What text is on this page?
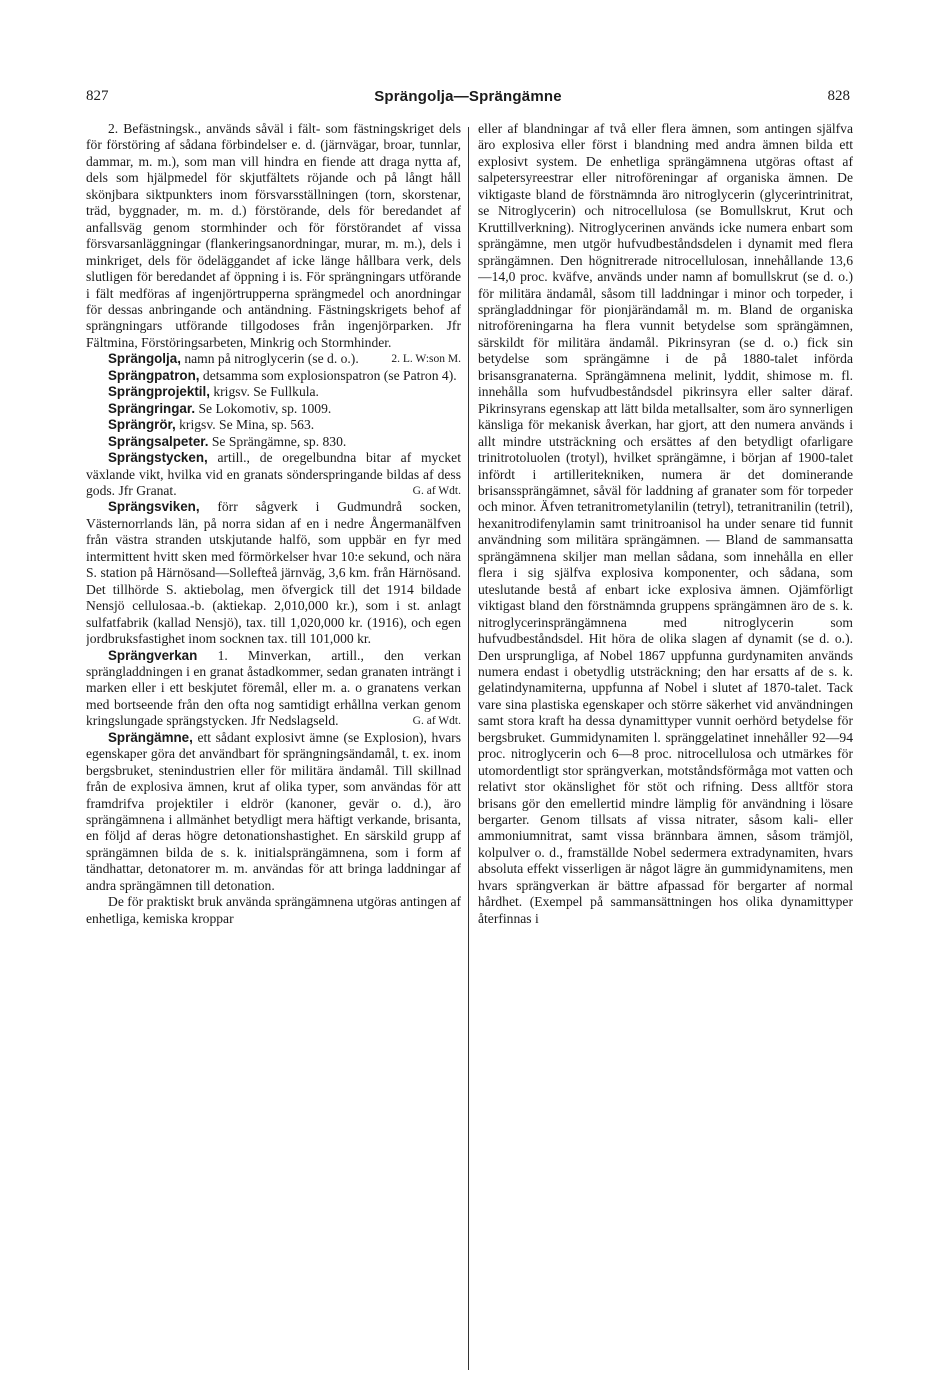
827	Sprängolja—Sprängämne	828

2. Befästningsk., används såväl i fält- som fästningskriget dels för förstöring af sådana förbindelser e. d. (järnvägar, broar, tunnlar, dammar, m. m.), som man vill hindra en fiende att draga nytta af, dels som hjälpmedel för skjutfältets röjande och på långt håll skönjbara siktpunkters inom försvarsställningen (torn, skorstenar, träd, byggnader, m. m. d.) förstörande, dels för beredandet af anfallsväg genom stormhinder och för förstörandet af vissa försvarsanläggningar (flankeringsanordningar, murar, m. m.), dels i minkriget, dels för ödeläggandet af icke länge hållbara verk, dels slutligen för beredandet af öppning i is. För sprängningars utförande i fält medföras af ingenjörtrupperna sprängmedel och anordningar för dessas anbringande och antändning. Fästningskrigets behof af sprängningars utförande tillgodoses från ingenjörparken. Jfr Fältmina, Förstöringsarbeten, Minkrig och Stormhinder.
2. L. W:son M.

Sprängolja, namn på nitroglycerin (se d. o.).

Sprängpatron, detsamma som explosionspatron (se Patron 4).

Sprängprojektil, krigsv. Se Fullkula.

Sprängringar. Se Lokomotiv, sp. 1009.

Sprängrör, krigsv. Se Mina, sp. 563.

Sprängsalpeter. Se Sprängämne, sp. 830.

Sprängstycken, artill., de oregelbundna bitar af mycket växlande vikt, hvilka vid en granats sönderspringande bildas af dess gods. Jfr Granat.	G. af Wdt.

Sprängsviken, förr sågverk i Gudmundrå socken, Västernorrlands län, på norra sidan af en i nedre Ångermanälfven från västra stranden utskjutande halfö, som uppbär en fyr med intermittent hvitt sken med förmörkelser hvar 10:e sekund, och nära S. station på Härnösand—Sollefteå järnväg, 3,6 km. från Härnösand. Det tillhörde S. aktiebolag, men öfvergick till det 1914 bildade Nensjö cellulosaa.-b. (aktiekap. 2,010,000 kr.), som i st. anlagt sulfatfabrik (kallad Nensjö), tax. till 1,020,000 kr. (1916), och egen jordbruksfastighet inom socknen tax. till 101,000 kr.

Sprängverkan 1. Minverkan, artill., den verkan sprängladdningen i en granat åstadkommer, sedan granaten inträngt i marken eller i ett beskjutet föremål, eller m. a. o granatens verkan med bortseende från den ofta nog samtidigt erhållna verkan genom kringslungade sprängstycken. Jfr Nedslagseld.	G. af Wdt.

Sprängämne, ett sådant explosivt ämne (se Explosion), hvars egenskaper göra det användbart för sprängningsändamål, t. ex. inom bergsbruket, stenindustrien eller för militära ändamål. Till skillnad från de explosiva ämnen, krut af olika typer, som användas för att framdrifva projektiler i eldrör (kanoner, gevär o. d.), äro sprängämnena i allmänhet betydligt mera häftigt verkande, brisanta, en följd af deras högre detonationshastighet. En särskild grupp af sprängämnen bilda de s. k. initialsprängämnena, som i form af tändhattar, detonatorer m. m. användas för att bringa laddningar af andra sprängämnen till detonation.

De för praktiskt bruk använda sprängämnena utgöras antingen af enhetliga, kemiska kroppar

eller af blandningar af två eller flera ämnen, som antingen själfva äro explosiva eller först i blandning med andra ämnen bilda ett explosivt system. De enhetliga sprängämnena utgöras oftast af salpetersyreestrar eller nitroföreningar af organiska ämnen. De viktigaste bland de förstnämnda äro nitroglycerin (glycerintrinitrat, se Nitroglycerin) och nitrocellulosa (se Bomullskrut, Krut och Kruttillverkning). Nitroglycerinen används icke numera enbart som sprängämne, men utgör hufvudbeståndsdelen i dynamit med flera sprängämnen. Den högnitrerade nitrocellulosan, innehållande 13,6—14,0 proc. kväfve, används under namn af bomullskrut (se d. o.) för militära ändamål, såsom till laddningar i minor och torpeder, i sprängladdningar för pionjärändamål m. m. Bland de organiska nitroföreningarna ha flera vunnit betydelse som sprängämnen, särskildt för militära ändamål. Pikrinsyran (se d. o.) fick sin betydelse som sprängämne i de på 1880-talet införda brisansgranaterna. Sprängämnena melinit, lyddit, shimose m. fl. innehålla som hufvudbeståndsdel pikrinsyra eller salter däraf. Pikrinsyrans egenskap att lätt bilda metallsalter, som äro synnerligen känsliga för mekanisk åverkan, har gjort, att den numera används i allt mindre utsträckning och ersättes af den betydligt ofarligare trinitrotoluolen (trotyl), hvilket sprängämne, i början af 1900-talet infördt i artilleritekniken, numera är det dominerande brisanssprängämnet, såväl för laddning af granater som för torpeder och minor. Äfven tetranitrometylanilin (tetryl), tetranitranilin (tetril), hexanitrodifenylamin samt trinitroanisol ha under senare tid funnit användning som militära sprängämnen. — Bland de sammansatta sprängämnena skiljer man mellan sådana, som innehålla en eller flera i sig själfva explosiva komponenter, och sådana, som uteslutande bestå af enbart icke explosiva ämnen. Ojämförligt viktigast bland den förstnämnda gruppens sprängämnen äro de s. k. nitroglycerinsprängämnena med nitroglycerin som hufvudbeståndsdel. Hit höra de olika slagen af dynamit (se d. o.). Den ursprungliga, af Nobel 1867 uppfunna gurdynamiten används numera endast i obetydlig utsträckning; den har ersatts af de s. k. gelatindynamiterna, uppfunna af Nobel i slutet af 1870-talet. Tack vare sina plastiska egenskaper och större säkerhet vid användningen samt stora kraft ha dessa dynamittyper vunnit oerhörd betydelse för bergsbruket. Gummidynamiten l. spränggelatinet innehåller 92—94 proc. nitroglycerin och 6—8 proc. nitrocellulosa och utmärkes för utomordentligt stor sprängverkan, motståndsförmåga mot vatten och relativt stor okänslighet för stöt och rifning. Dess alltför stora brisans gör den emellertid mindre lämplig för användning i lösare bergarter. Genom tillsats af vissa nitrater, såsom kali- eller ammoniumnitrat, samt vissa brännbara ämnen, såsom trämjöl, kolpulver o. d., framställde Nobel sedermera extradynamiten, hvars absoluta effekt visserligen är något lägre än gummidynamitens, men hvars sprängverkan är bättre afpassad för bergarter af normal hårdhet. (Exempel på sammansättningen hos olika dynamittyper återfinnas i
